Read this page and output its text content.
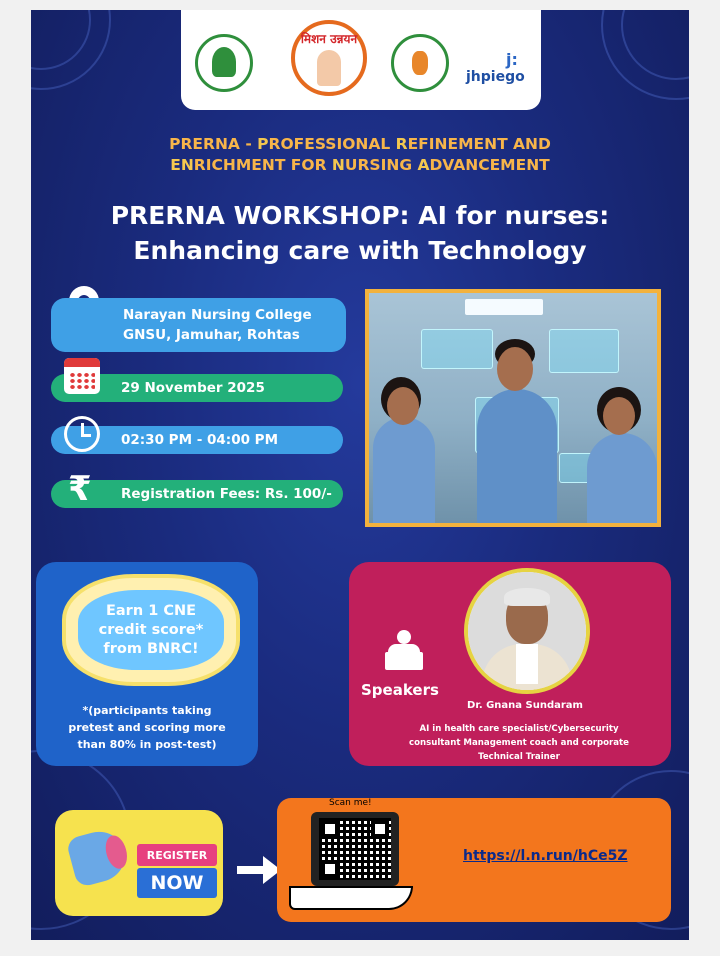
मिशन उन्नयन
j:
jhpiego
PRERNA - PROFESSIONAL REFINEMENT AND
ENRICHMENT FOR NURSING ADVANCEMENT
PRERNA WORKSHOP: AI for nurses:
Enhancing care with Technology
Narayan Nursing College
GNSU, Jamuhar, Rohtas
29 November 2025
02:30 PM - 04:00 PM
Registration Fees: Rs. 100/-
₹
Earn 1 CNE
credit score*
from BNRC!
*(participants taking
pretest and scoring more
than 80% in post-test)
Speakers
Dr. Gnana Sundaram
AI in health care specialist/Cybersecurity
consultant Management coach and corporate
Technical Trainer
REGISTER
NOW
Scan me!
https://l.n.run/hCe5Z
